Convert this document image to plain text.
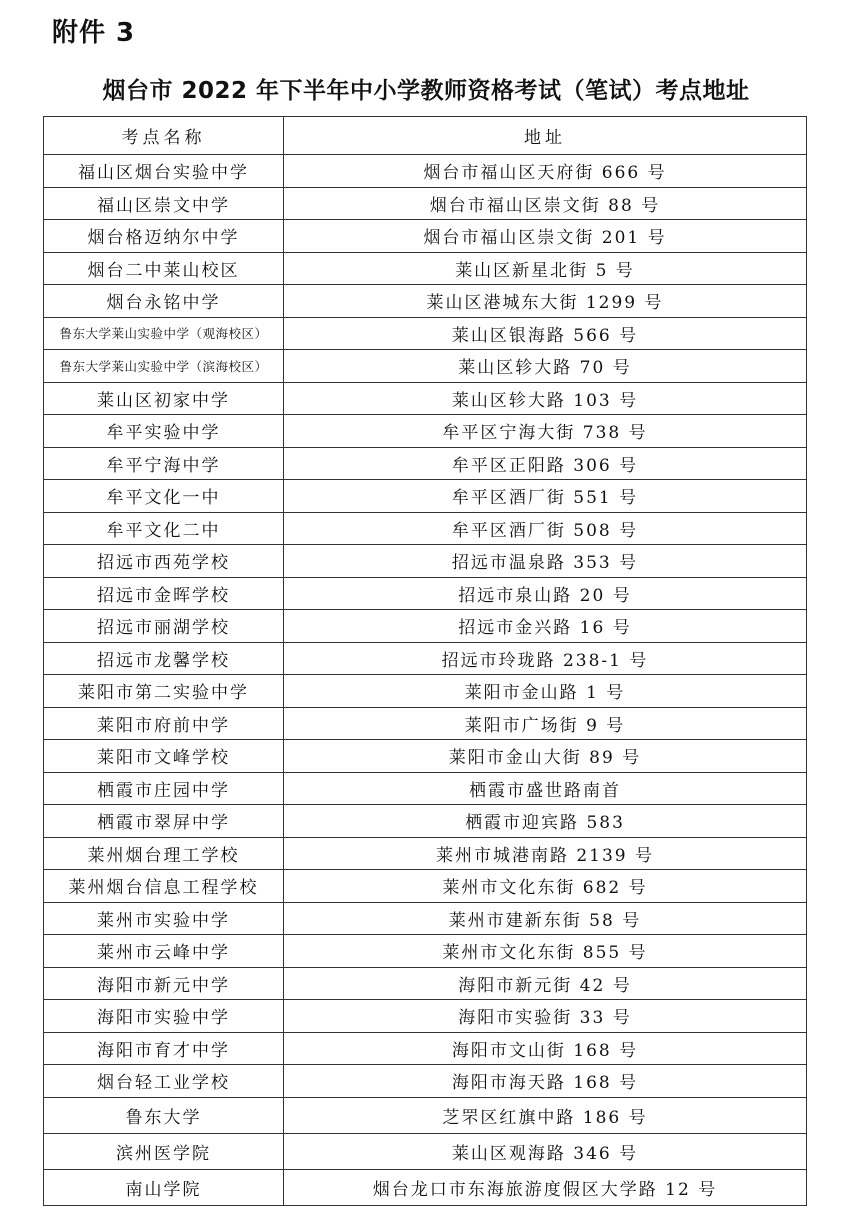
附件 3
烟台市 2022 年下半年中小学教师资格考试（笔试）考点地址
考点名称	地址
福山区烟台实验中学	烟台市福山区天府街 666 号
福山区崇文中学	烟台市福山区崇文街 88 号
烟台格迈纳尔中学	烟台市福山区崇文街 201 号
烟台二中莱山校区	莱山区新星北街 5 号
烟台永铭中学	莱山区港城东大街 1299 号
鲁东大学莱山实验中学（观海校区）	莱山区银海路 566 号
鲁东大学莱山实验中学（滨海校区）	莱山区轸大路 70 号
莱山区初家中学	莱山区轸大路 103 号
牟平实验中学	牟平区宁海大街 738 号
牟平宁海中学	牟平区正阳路 306 号
牟平文化一中	牟平区酒厂街 551 号
牟平文化二中	牟平区酒厂街 508 号
招远市西苑学校	招远市温泉路 353 号
招远市金晖学校	招远市泉山路 20 号
招远市丽湖学校	招远市金兴路 16 号
招远市龙馨学校	招远市玲珑路 238-1 号
莱阳市第二实验中学	莱阳市金山路 1 号
莱阳市府前中学	莱阳市广场街 9 号
莱阳市文峰学校	莱阳市金山大街 89 号
栖霞市庄园中学	栖霞市盛世路南首
栖霞市翠屏中学	栖霞市迎宾路 583
莱州烟台理工学校	莱州市城港南路 2139 号
莱州烟台信息工程学校	莱州市文化东街 682 号
莱州市实验中学	莱州市建新东街 58 号
莱州市云峰中学	莱州市文化东街 855 号
海阳市新元中学	海阳市新元街 42 号
海阳市实验中学	海阳市实验街 33 号
海阳市育才中学	海阳市文山街 168 号
烟台轻工业学校	海阳市海天路 168 号
鲁东大学	芝罘区红旗中路 186 号
滨州医学院	莱山区观海路 346 号
南山学院	烟台龙口市东海旅游度假区大学路 12 号
